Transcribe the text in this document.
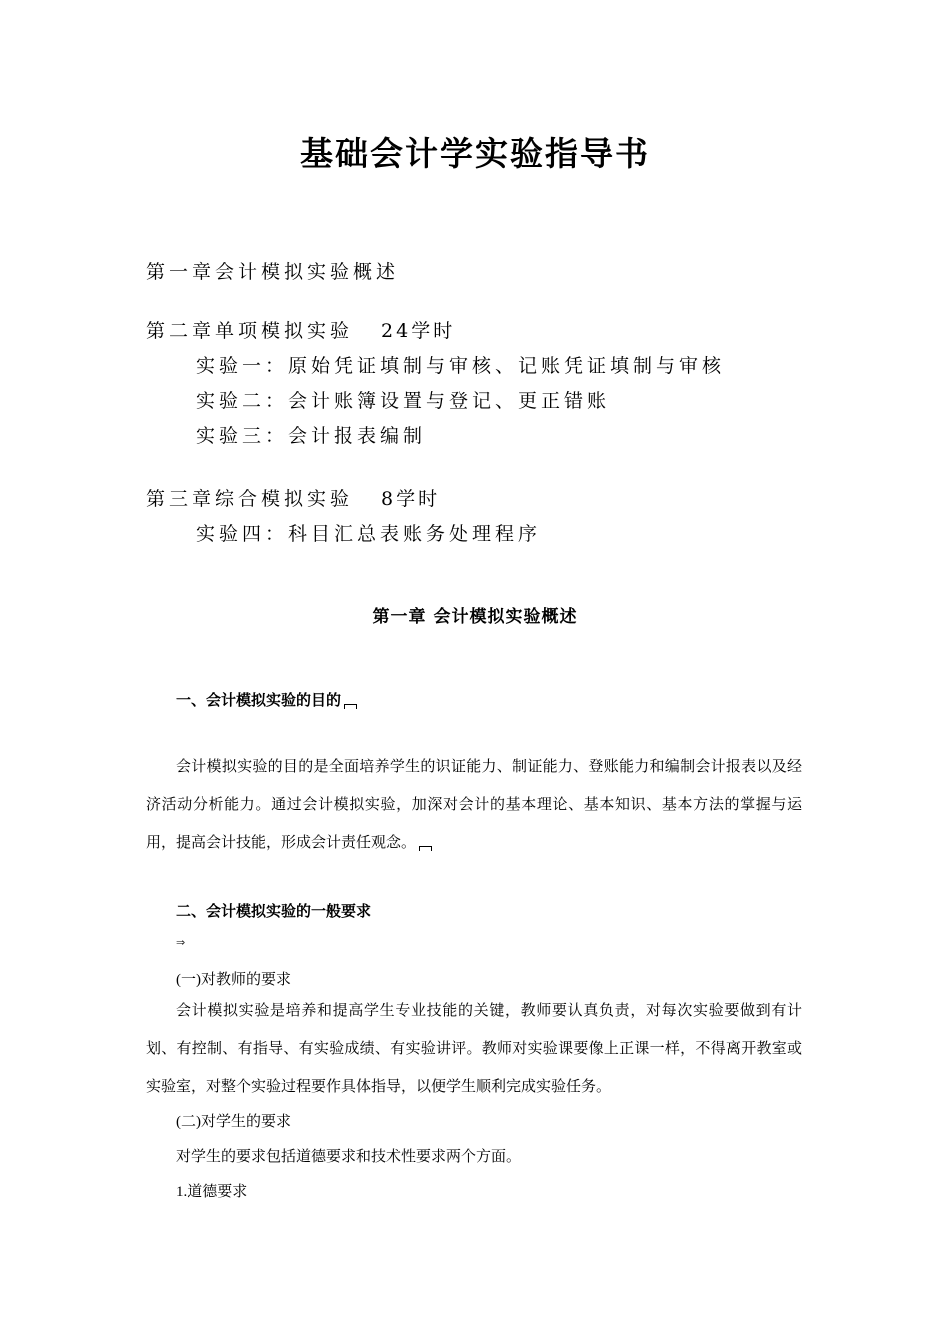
基础会计学实验指导书
第一章会计模拟实验概述
第二章单项模拟实验 24学时
实验一：原始凭证填制与审核、记账凭证填制与审核
实验二：会计账簿设置与登记、更正错账
实验三：会计报表编制
第三章综合模拟实验 8学时
实验四：科目汇总表账务处理程序
第一章 会计模拟实验概述
一、会计模拟实验的目的
会计模拟实验的目的是全面培养学生的识证能力、制证能力、登账能力和编制会计报表以及经济活动分析能力。通过会计模拟实验，加深对会计的基本理论、基本知识、基本方法的掌握与运用，提高会计技能，形成会计责任观念。
二、会计模拟实验的一般要求
⇒
(一)对教师的要求
会计模拟实验是培养和提高学生专业技能的关键，教师要认真负责，对每次实验要做到有计划、有控制、有指导、有实验成绩、有实验讲评。教师对实验课要像上正课一样，不得离开教室或实验室，对整个实验过程要作具体指导，以便学生顺利完成实验任务。
(二)对学生的要求
对学生的要求包括道德要求和技术性要求两个方面。
1.道德要求
